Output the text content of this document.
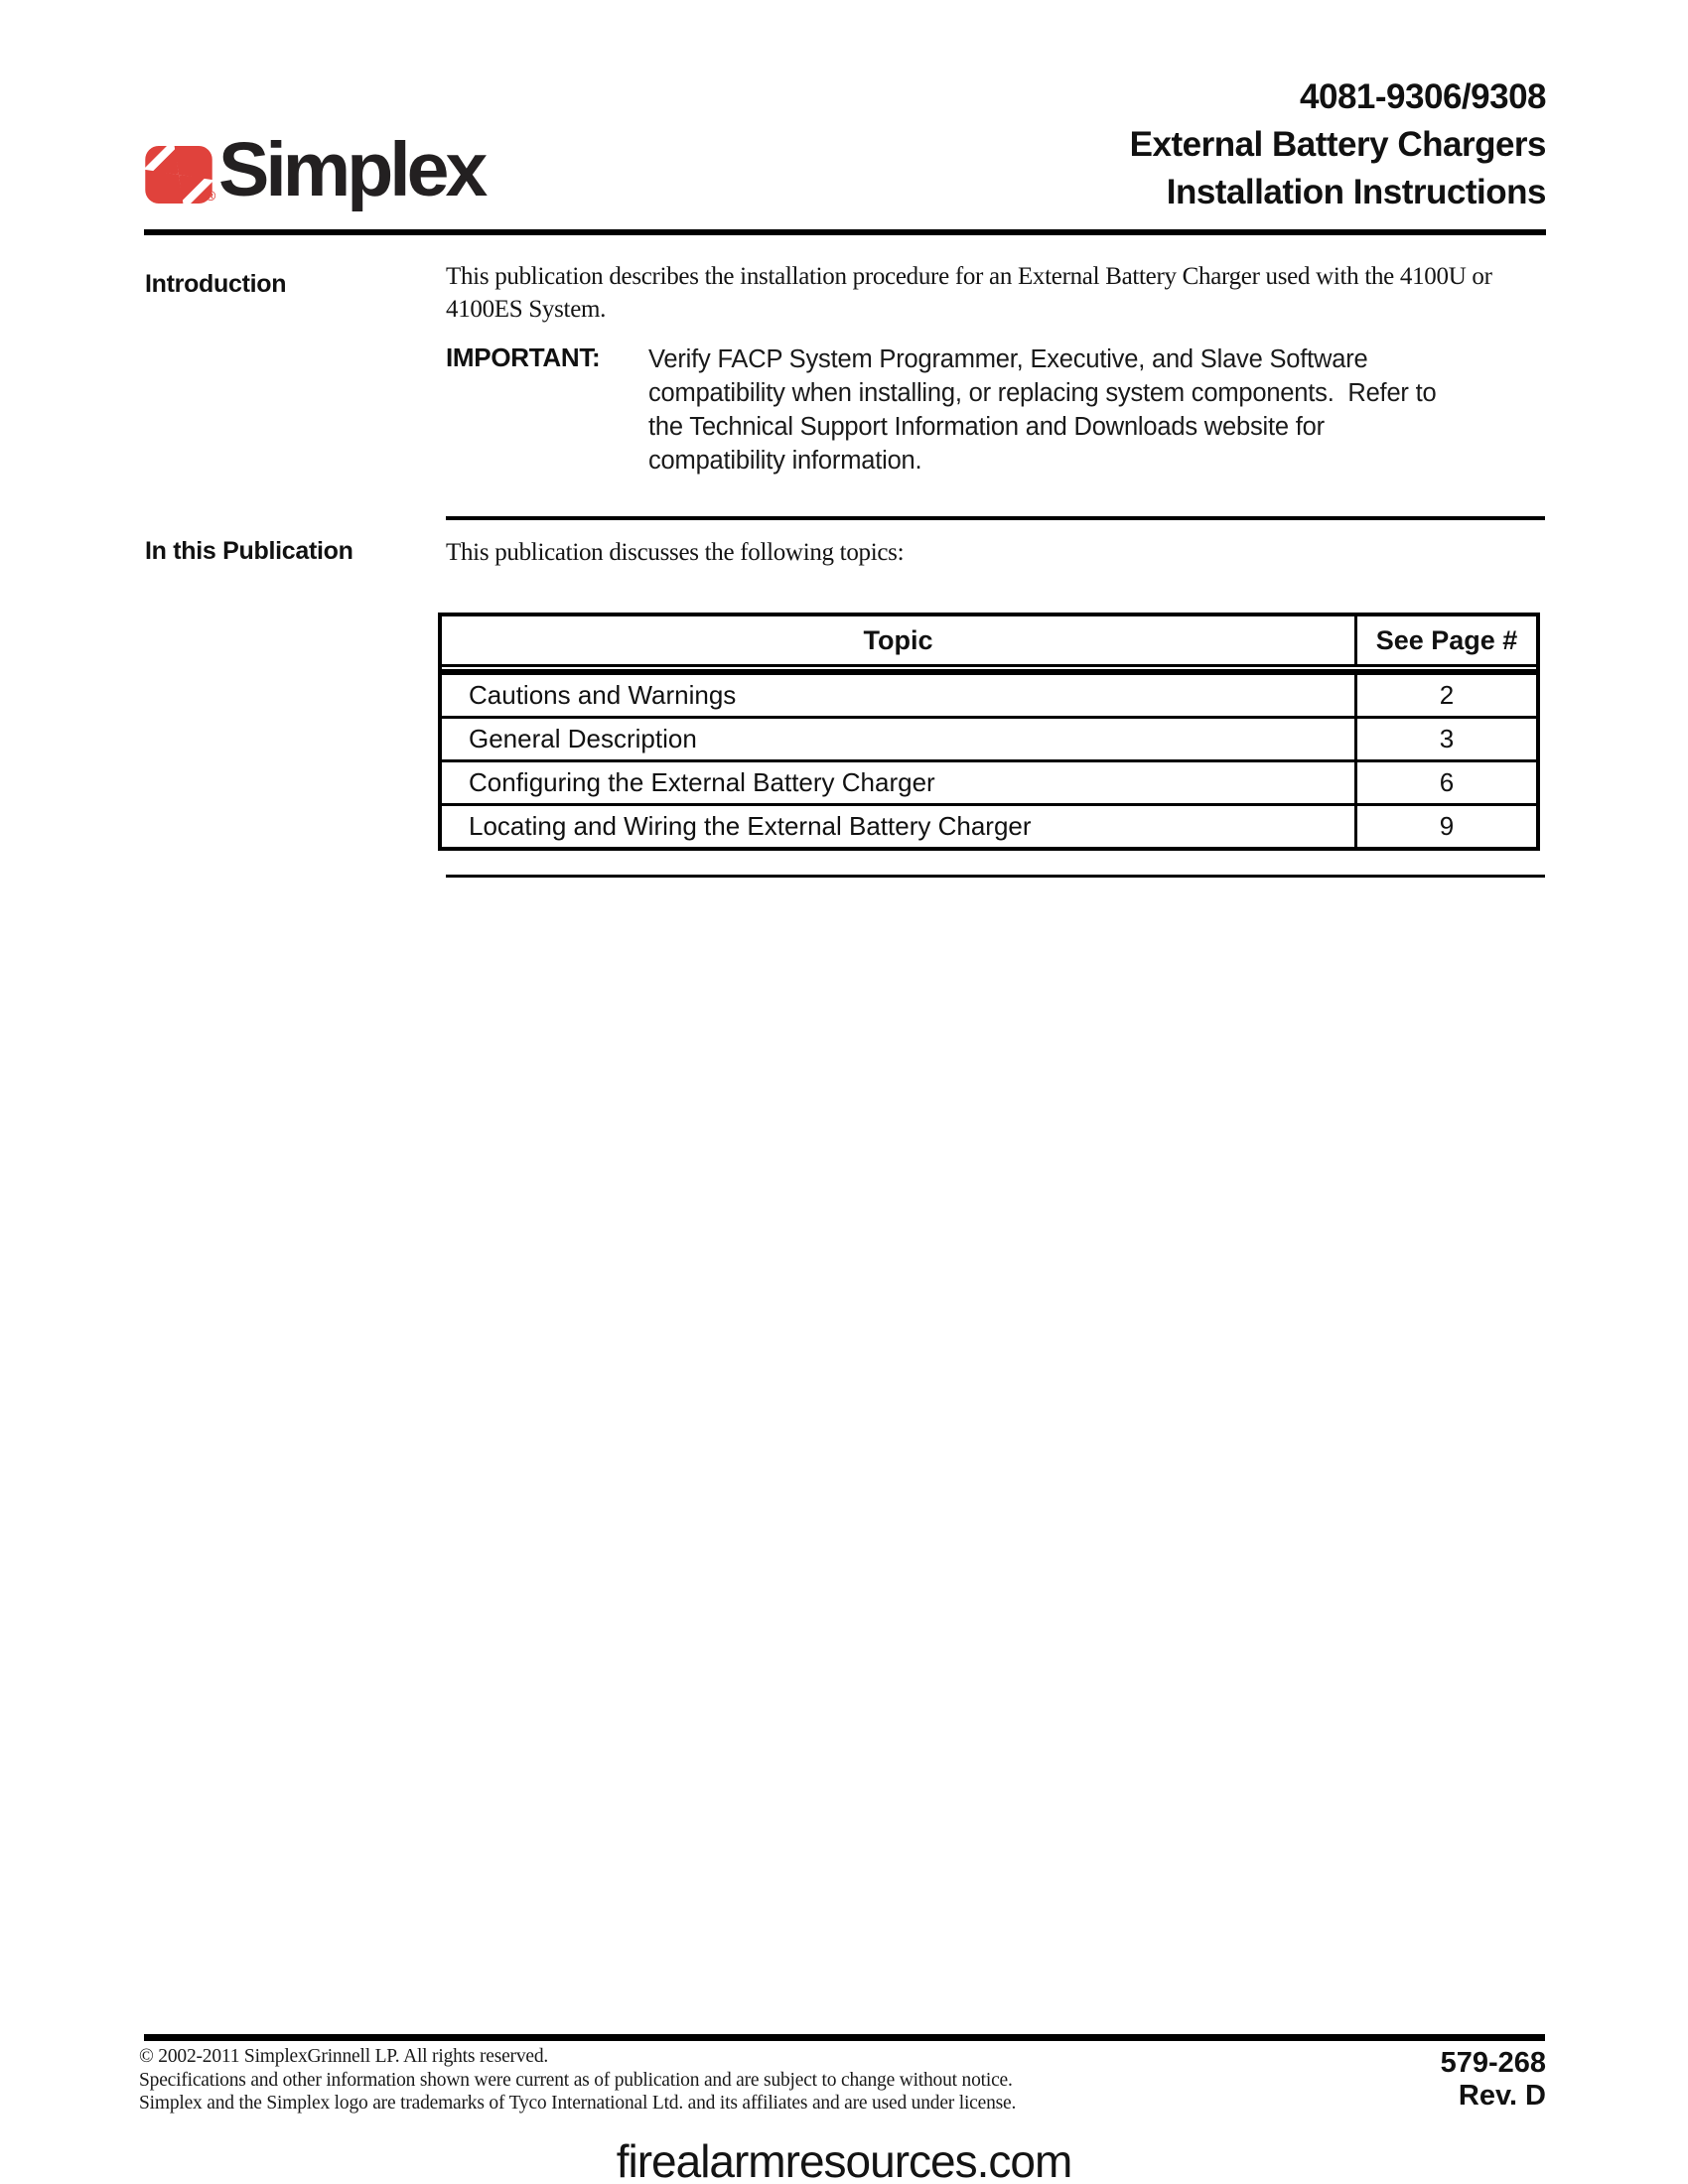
® Simplex
4081-9306/9308
External Battery Chargers
Installation Instructions
Introduction	This publication describes the installation procedure for an External Battery Charger used with the 4100U or 4100ES System.
IMPORTANT:	Verify FACP System Programmer, Executive, and Slave Software compatibility when installing, or replacing system components.  Refer to the Technical Support Information and Downloads website for compatibility information.
In this Publication	This publication discusses the following topics:
Topic	See Page #
Cautions and Warnings	2
General Description	3
Configuring the External Battery Charger	6
Locating and Wiring the External Battery Charger	9
© 2002-2011 SimplexGrinnell LP. All rights reserved.
Specifications and other information shown were current as of publication and are subject to change without notice.
Simplex and the Simplex logo are trademarks of Tyco International Ltd. and its affiliates and are used under license.
579-268
Rev. D
firealarmresources.com
